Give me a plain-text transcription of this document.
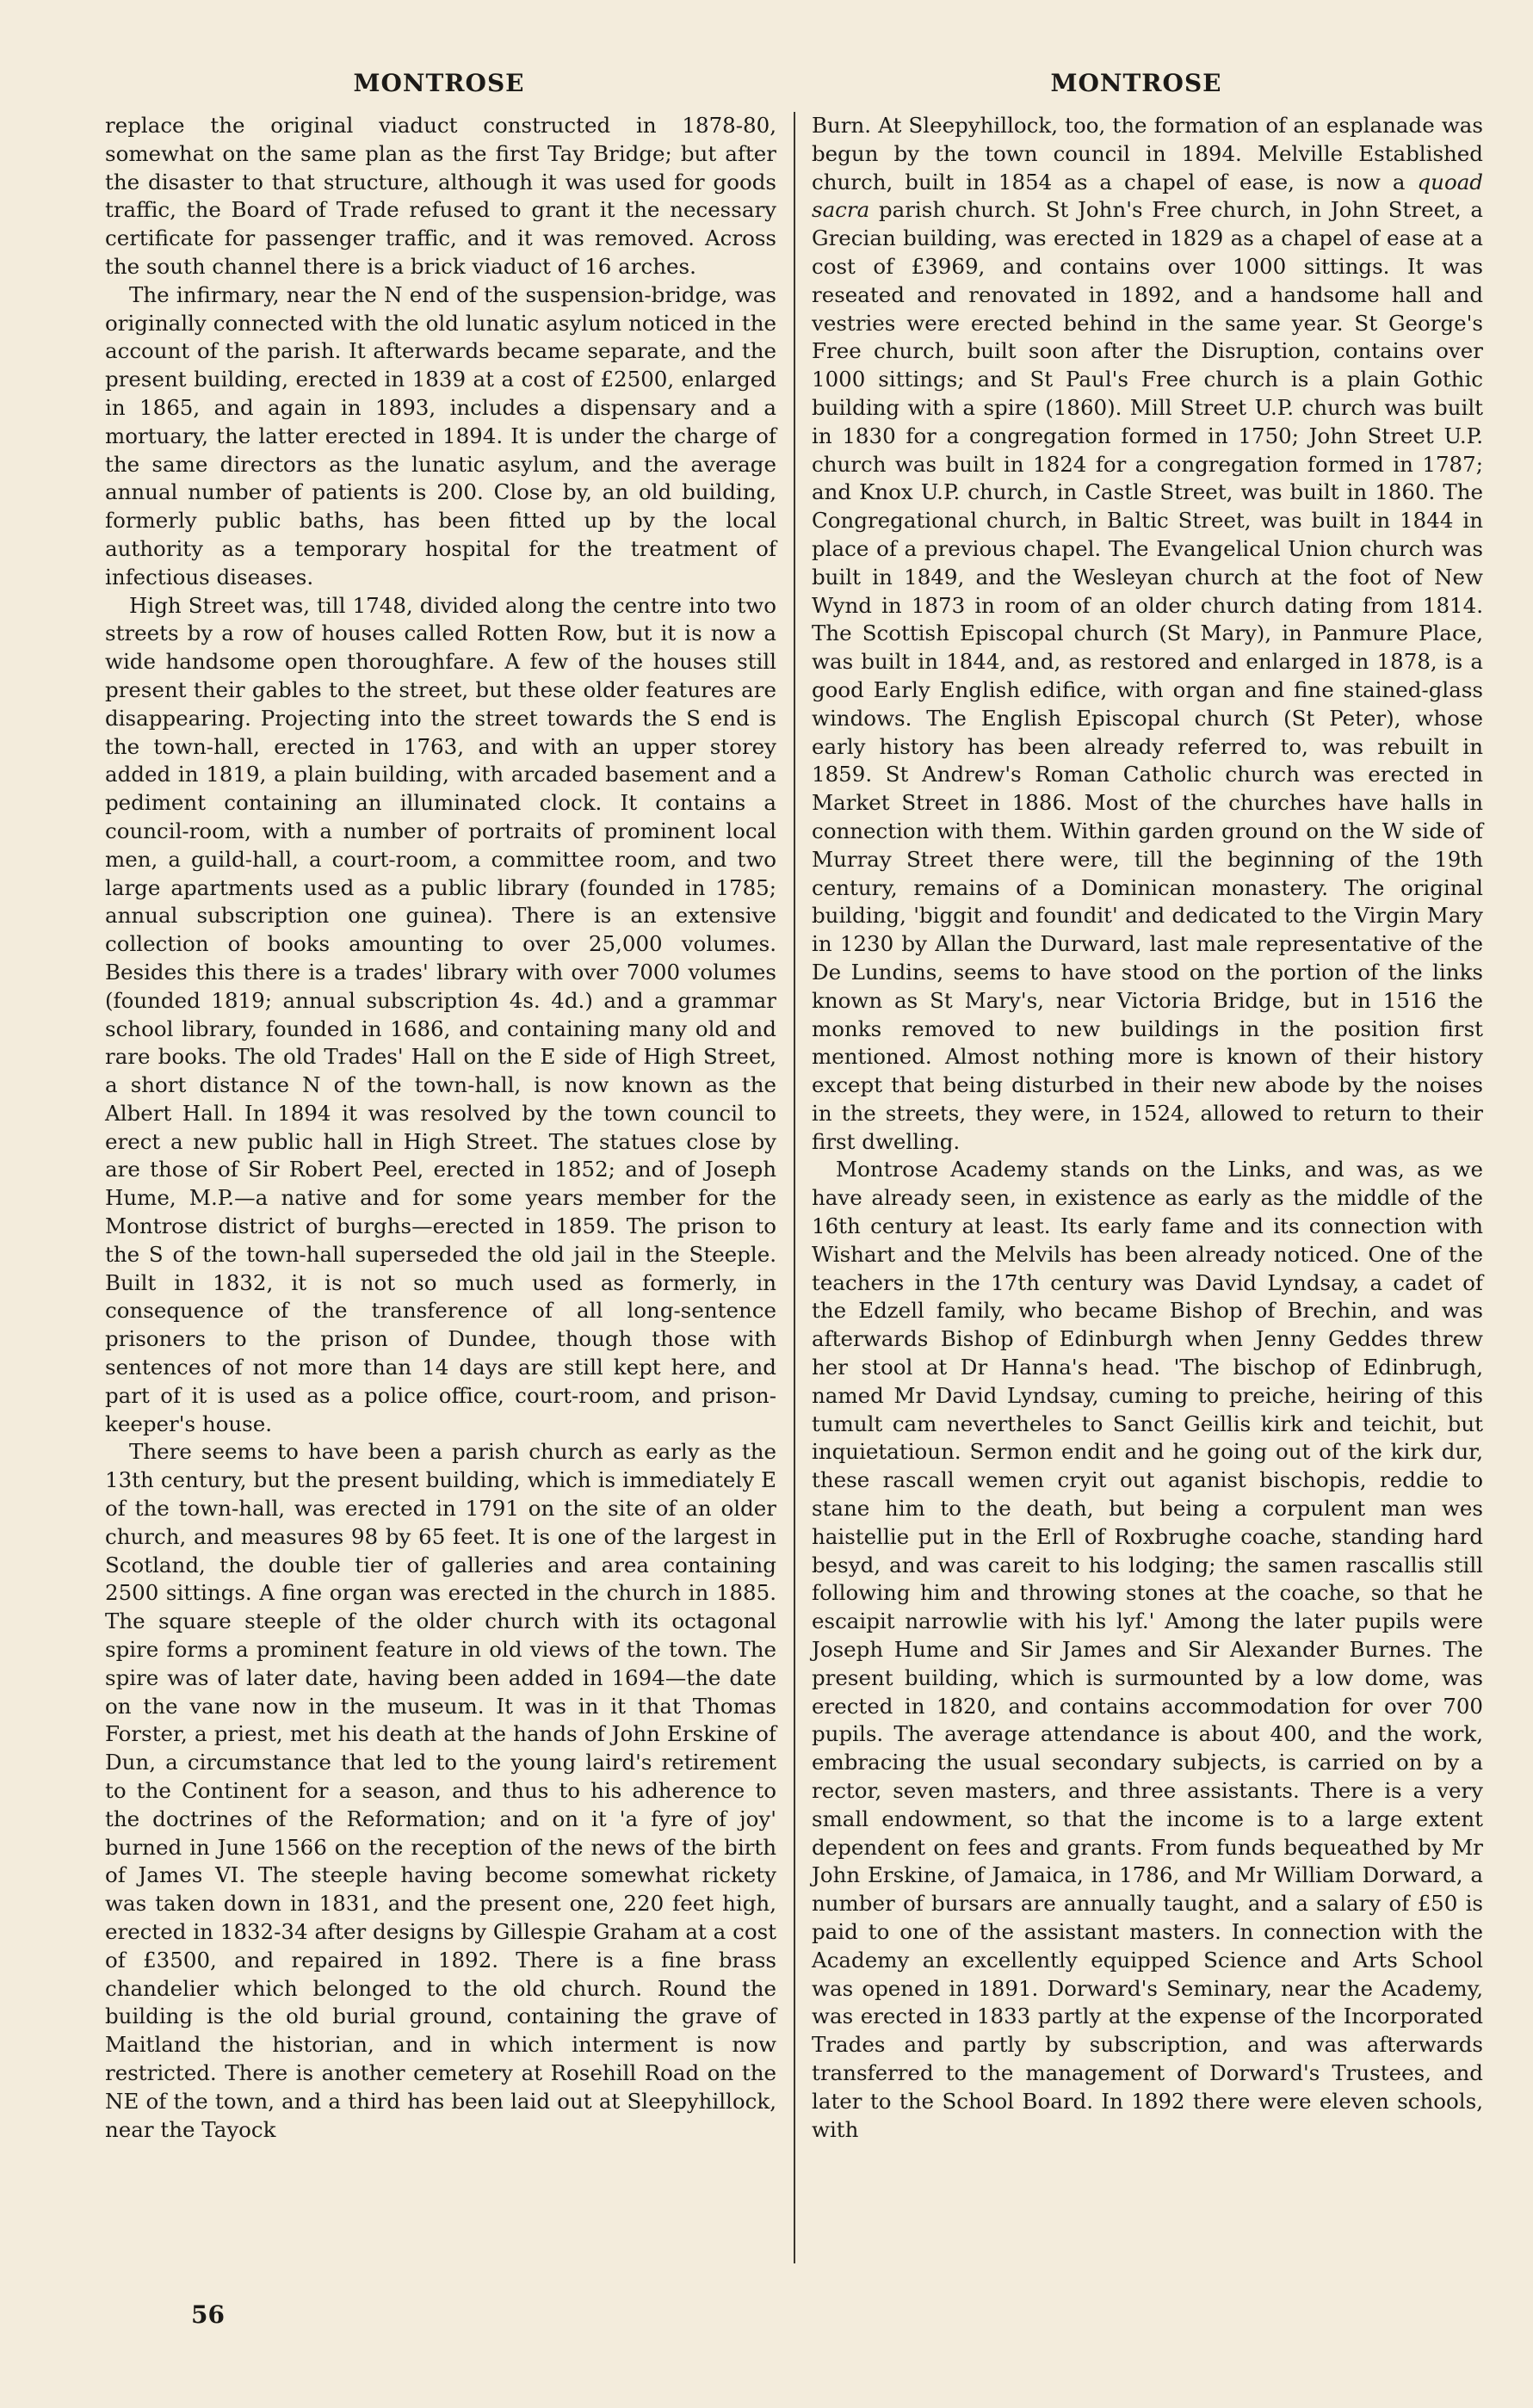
MONTROSE	MONTROSE

replace the original viaduct constructed in 1878-80, somewhat on the same plan as the first Tay Bridge; but after the disaster to that structure, although it was used for goods traffic, the Board of Trade refused to grant it the necessary certificate for passenger traffic, and it was removed. Across the south channel there is a brick viaduct of 16 arches.

The infirmary, near the N end of the suspension-bridge, was originally connected with the old lunatic asylum noticed in the account of the parish. It afterwards became separate, and the present building, erected in 1839 at a cost of £2500, enlarged in 1865, and again in 1893, includes a dispensary and a mortuary, the latter erected in 1894. It is under the charge of the same directors as the lunatic asylum, and the average annual number of patients is 200. Close by, an old building, formerly public baths, has been fitted up by the local authority as a temporary hospital for the treatment of infectious diseases.

High Street was, till 1748, divided along the centre into two streets by a row of houses called Rotten Row, but it is now a wide handsome open thoroughfare. A few of the houses still present their gables to the street, but these older features are disappearing. Projecting into the street towards the S end is the town-hall, erected in 1763, and with an upper storey added in 1819, a plain building, with arcaded basement and a pediment containing an illuminated clock. It contains a council-room, with a number of portraits of prominent local men, a guild-hall, a court-room, a committee room, and two large apartments used as a public library (founded in 1785; annual subscription one guinea). There is an extensive collection of books amounting to over 25,000 volumes. Besides this there is a trades' library with over 7000 volumes (founded 1819; annual subscription 4s. 4d.) and a grammar school library, founded in 1686, and containing many old and rare books. The old Trades' Hall on the E side of High Street, a short distance N of the town-hall, is now known as the Albert Hall. In 1894 it was resolved by the town council to erect a new public hall in High Street. The statues close by are those of Sir Robert Peel, erected in 1852; and of Joseph Hume, M.P.—a native and for some years member for the Montrose district of burghs—erected in 1859. The prison to the S of the town-hall superseded the old jail in the Steeple. Built in 1832, it is not so much used as formerly, in consequence of the transference of all long-sentence prisoners to the prison of Dundee, though those with sentences of not more than 14 days are still kept here, and part of it is used as a police office, court-room, and prison-keeper's house.

There seems to have been a parish church as early as the 13th century, but the present building, which is immediately E of the town-hall, was erected in 1791 on the site of an older church, and measures 98 by 65 feet. It is one of the largest in Scotland, the double tier of galleries and area containing 2500 sittings. A fine organ was erected in the church in 1885. The square steeple of the older church with its octagonal spire forms a prominent feature in old views of the town. The spire was of later date, having been added in 1694—the date on the vane now in the museum. It was in it that Thomas Forster, a priest, met his death at the hands of John Erskine of Dun, a circumstance that led to the young laird's retirement to the Continent for a season, and thus to his adherence to the doctrines of the Reformation; and on it 'a fyre of joy' burned in June 1566 on the reception of the news of the birth of James VI. The steeple having become somewhat rickety was taken down in 1831, and the present one, 220 feet high, erected in 1832-34 after designs by Gillespie Graham at a cost of £3500, and repaired in 1892. There is a fine brass chandelier which belonged to the old church. Round the building is the old burial ground, containing the grave of Maitland the historian, and in which interment is now restricted. There is another cemetery at Rosehill Road on the NE of the town, and a third has been laid out at Sleepyhillock, near the Tayock

Burn. At Sleepyhillock, too, the formation of an esplanade was begun by the town council in 1894. Melville Established church, built in 1854 as a chapel of ease, is now a quoad sacra parish church. St John's Free church, in John Street, a Grecian building, was erected in 1829 as a chapel of ease at a cost of £3969, and contains over 1000 sittings. It was reseated and renovated in 1892, and a handsome hall and vestries were erected behind in the same year. St George's Free church, built soon after the Disruption, contains over 1000 sittings; and St Paul's Free church is a plain Gothic building with a spire (1860). Mill Street U.P. church was built in 1830 for a congregation formed in 1750; John Street U.P. church was built in 1824 for a congregation formed in 1787; and Knox U.P. church, in Castle Street, was built in 1860. The Congregational church, in Baltic Street, was built in 1844 in place of a previous chapel. The Evangelical Union church was built in 1849, and the Wesleyan church at the foot of New Wynd in 1873 in room of an older church dating from 1814. The Scottish Episcopal church (St Mary), in Panmure Place, was built in 1844, and, as restored and enlarged in 1878, is a good Early English edifice, with organ and fine stained-glass windows. The English Episcopal church (St Peter), whose early history has been already referred to, was rebuilt in 1859. St Andrew's Roman Catholic church was erected in Market Street in 1886. Most of the churches have halls in connection with them. Within garden ground on the W side of Murray Street there were, till the beginning of the 19th century, remains of a Dominican monastery. The original building, 'biggit and foundit' and dedicated to the Virgin Mary in 1230 by Allan the Durward, last male representative of the De Lundins, seems to have stood on the portion of the links known as St Mary's, near Victoria Bridge, but in 1516 the monks removed to new buildings in the position first mentioned. Almost nothing more is known of their history except that being disturbed in their new abode by the noises in the streets, they were, in 1524, allowed to return to their first dwelling.

Montrose Academy stands on the Links, and was, as we have already seen, in existence as early as the middle of the 16th century at least. Its early fame and its connection with Wishart and the Melvils has been already noticed. One of the teachers in the 17th century was David Lyndsay, a cadet of the Edzell family, who became Bishop of Brechin, and was afterwards Bishop of Edinburgh when Jenny Geddes threw her stool at Dr Hanna's head. 'The bischop of Edinbrugh, named Mr David Lyndsay, cuming to preiche, heiring of this tumult cam nevertheles to Sanct Geillis kirk and teichit, but inquietatioun. Sermon endit and he going out of the kirk dur, these rascall wemen cryit out aganist bischopis, reddie to stane him to the death, but being a corpulent man wes haistellie put in the Erll of Roxbrughe coache, standing hard besyd, and was careit to his lodging; the samen rascallis still following him and throwing stones at the coache, so that he escaipit narrowlie with his lyf.' Among the later pupils were Joseph Hume and Sir James and Sir Alexander Burnes. The present building, which is surmounted by a low dome, was erected in 1820, and contains accommodation for over 700 pupils. The average attendance is about 400, and the work, embracing the usual secondary subjects, is carried on by a rector, seven masters, and three assistants. There is a very small endowment, so that the income is to a large extent dependent on fees and grants. From funds bequeathed by Mr John Erskine, of Jamaica, in 1786, and Mr William Dorward, a number of bursars are annually taught, and a salary of £50 is paid to one of the assistant masters. In connection with the Academy an excellently equipped Science and Arts School was opened in 1891. Dorward's Seminary, near the Academy, was erected in 1833 partly at the expense of the Incorporated Trades and partly by subscription, and was afterwards transferred to the management of Dorward's Trustees, and later to the School Board. In 1892 there were eleven schools, with

56
